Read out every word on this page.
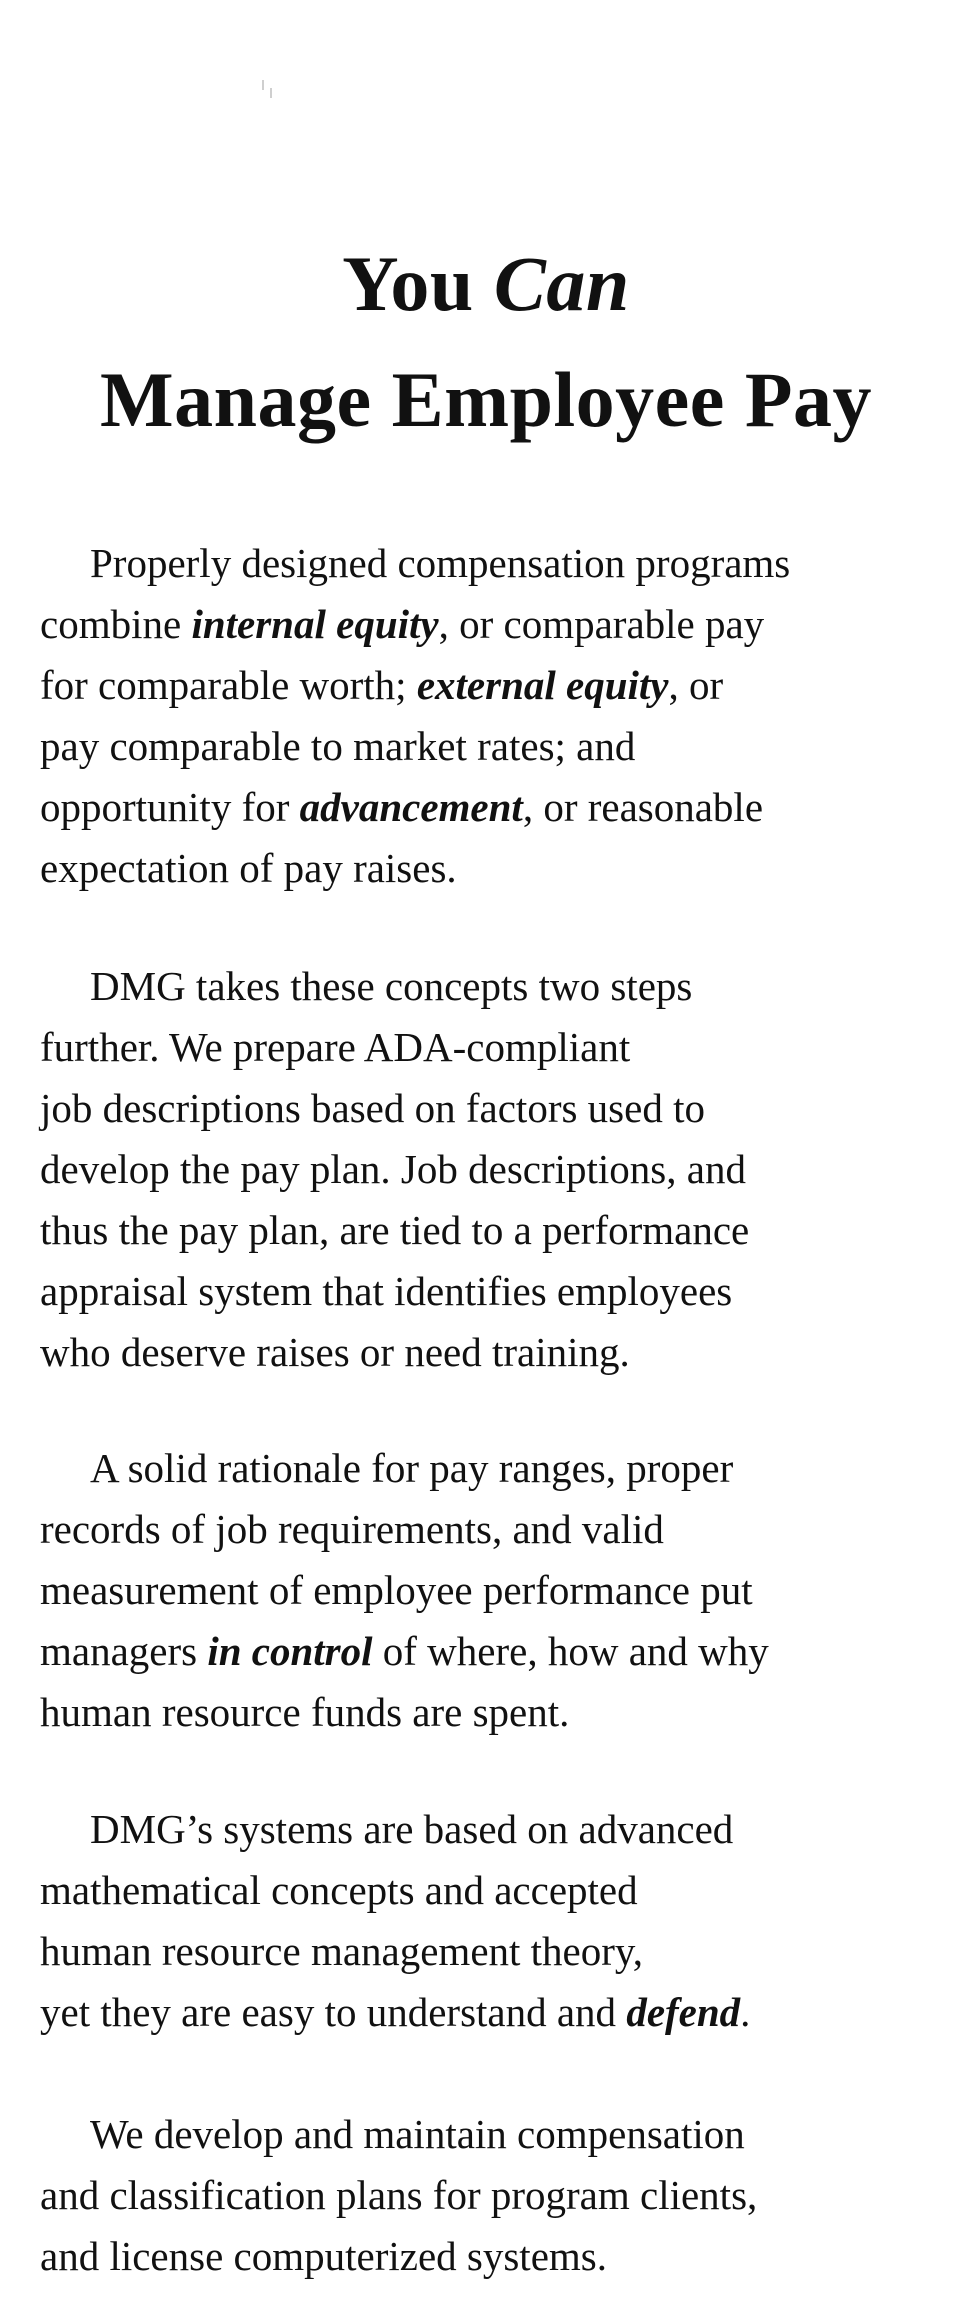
You Can
Manage Employee Pay

Properly designed compensation programs
combine internal equity, or comparable pay
for comparable worth; external equity, or
pay comparable to market rates; and
opportunity for advancement, or reasonable
expectation of pay raises.

DMG takes these concepts two steps
further. We prepare ADA-compliant
job descriptions based on factors used to
develop the pay plan. Job descriptions, and
thus the pay plan, are tied to a performance
appraisal system that identifies employees
who deserve raises or need training.

A solid rationale for pay ranges, proper
records of job requirements, and valid
measurement of employee performance put
managers in control of where, how and why
human resource funds are spent.

DMG’s systems are based on advanced
mathematical concepts and accepted
human resource management theory,
yet they are easy to understand and defend.

We develop and maintain compensation
and classification plans for program clients,
and license computerized systems.
